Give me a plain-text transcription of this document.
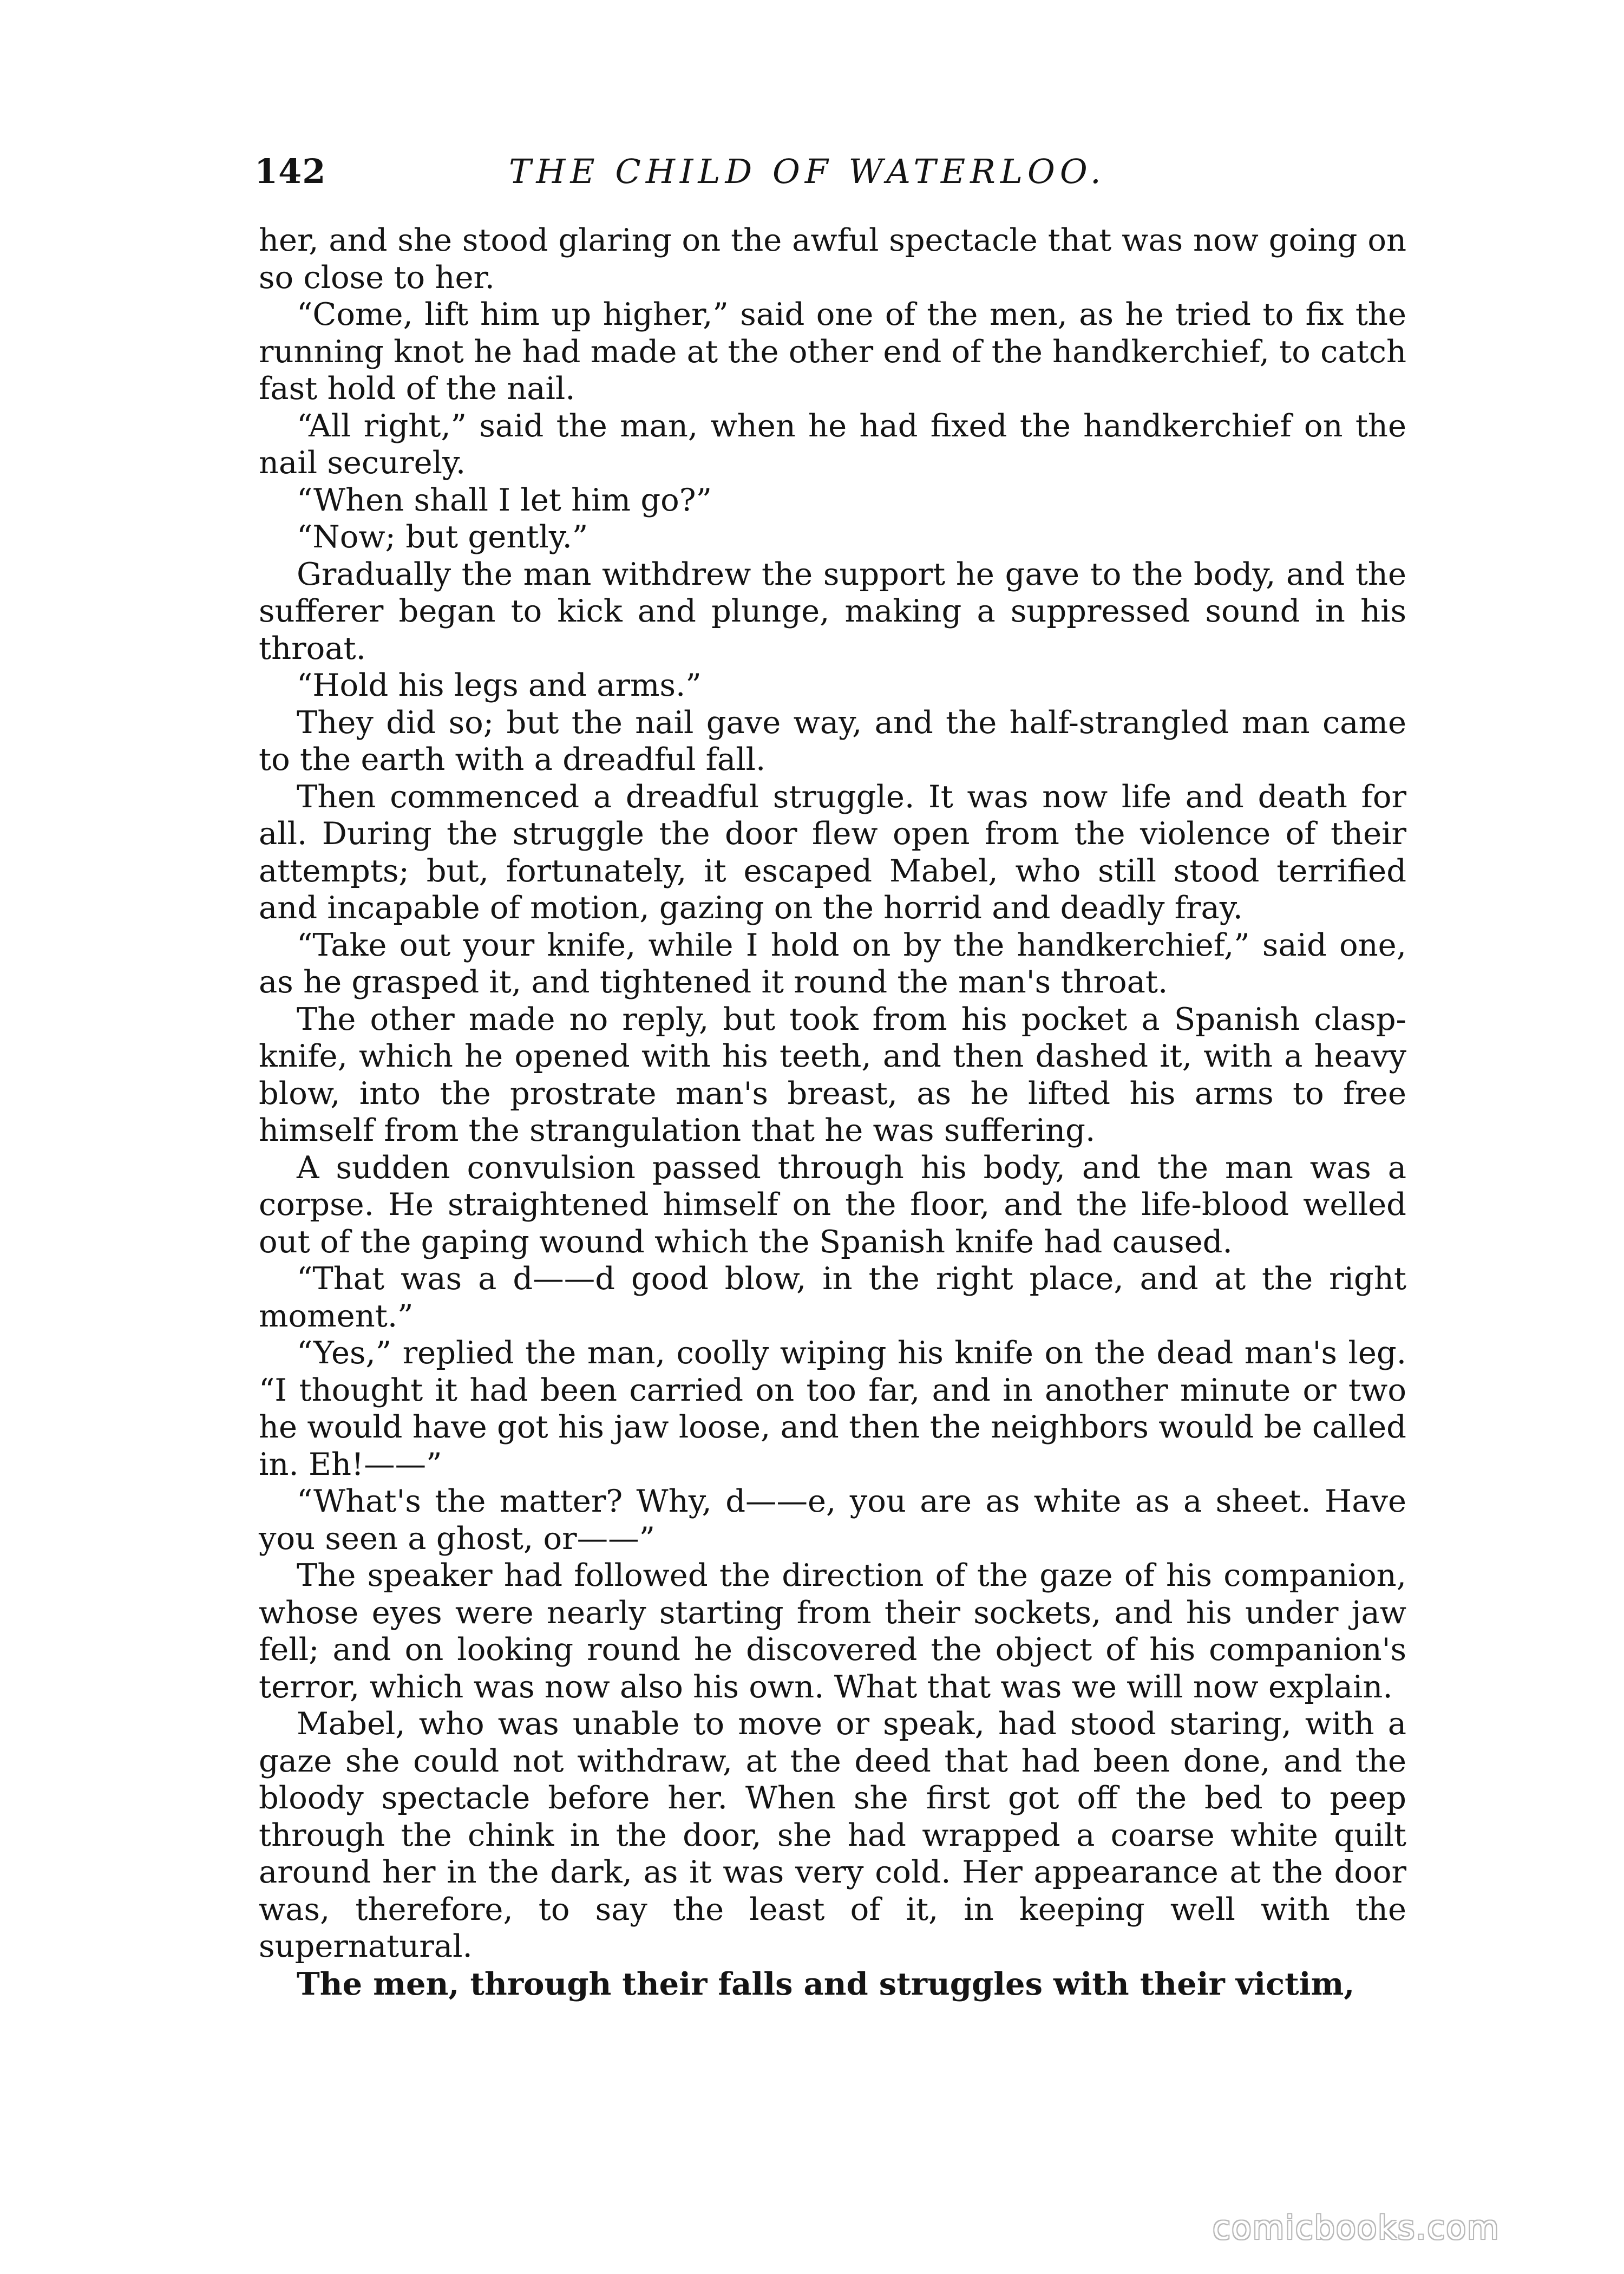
142	THE CHILD OF WATERLOO.

her, and she stood glaring on the awful spectacle that was now going on so close to her.

“Come, lift him up higher,” said one of the men, as he tried to fix the running knot he had made at the other end of the handkerchief, to catch fast hold of the nail.

“All right,” said the man, when he had fixed the handkerchief on the nail securely.

“When shall I let him go?”

“Now; but gently.”

Gradually the man withdrew the support he gave to the body, and the sufferer began to kick and plunge, making a suppressed sound in his throat.

“Hold his legs and arms.”

They did so; but the nail gave way, and the half-strangled man came to the earth with a dreadful fall.

Then commenced a dreadful struggle. It was now life and death for all. During the struggle the door flew open from the violence of their attempts; but, fortunately, it escaped Mabel, who still stood terrified and incapable of motion, gazing on the horrid and deadly fray.

“Take out your knife, while I hold on by the handkerchief,” said one, as he grasped it, and tightened it round the man's throat.

The other made no reply, but took from his pocket a Spanish clasp-knife, which he opened with his teeth, and then dashed it, with a heavy blow, into the prostrate man's breast, as he lifted his arms to free himself from the strangulation that he was suffering.

A sudden convulsion passed through his body, and the man was a corpse. He straightened himself on the floor, and the life-blood welled out of the gaping wound which the Spanish knife had caused.

“That was a d——d good blow, in the right place, and at the right moment.”

“Yes,” replied the man, coolly wiping his knife on the dead man's leg. “I thought it had been carried on too far, and in another minute or two he would have got his jaw loose, and then the neighbors would be called in. Eh!——”

“What's the matter? Why, d——e, you are as white as a sheet. Have you seen a ghost, or——”

The speaker had followed the direction of the gaze of his companion, whose eyes were nearly starting from their sockets, and his under jaw fell; and on looking round he discovered the object of his companion's terror, which was now also his own. What that was we will now explain.

Mabel, who was unable to move or speak, had stood staring, with a gaze she could not withdraw, at the deed that had been done, and the bloody spectacle before her. When she first got off the bed to peep through the chink in the door, she had wrapped a coarse white quilt around her in the dark, as it was very cold. Her appearance at the door was, therefore, to say the least of it, in keeping well with the supernatural.

The men, through their falls and struggles with their victim,

comicbooks.com
